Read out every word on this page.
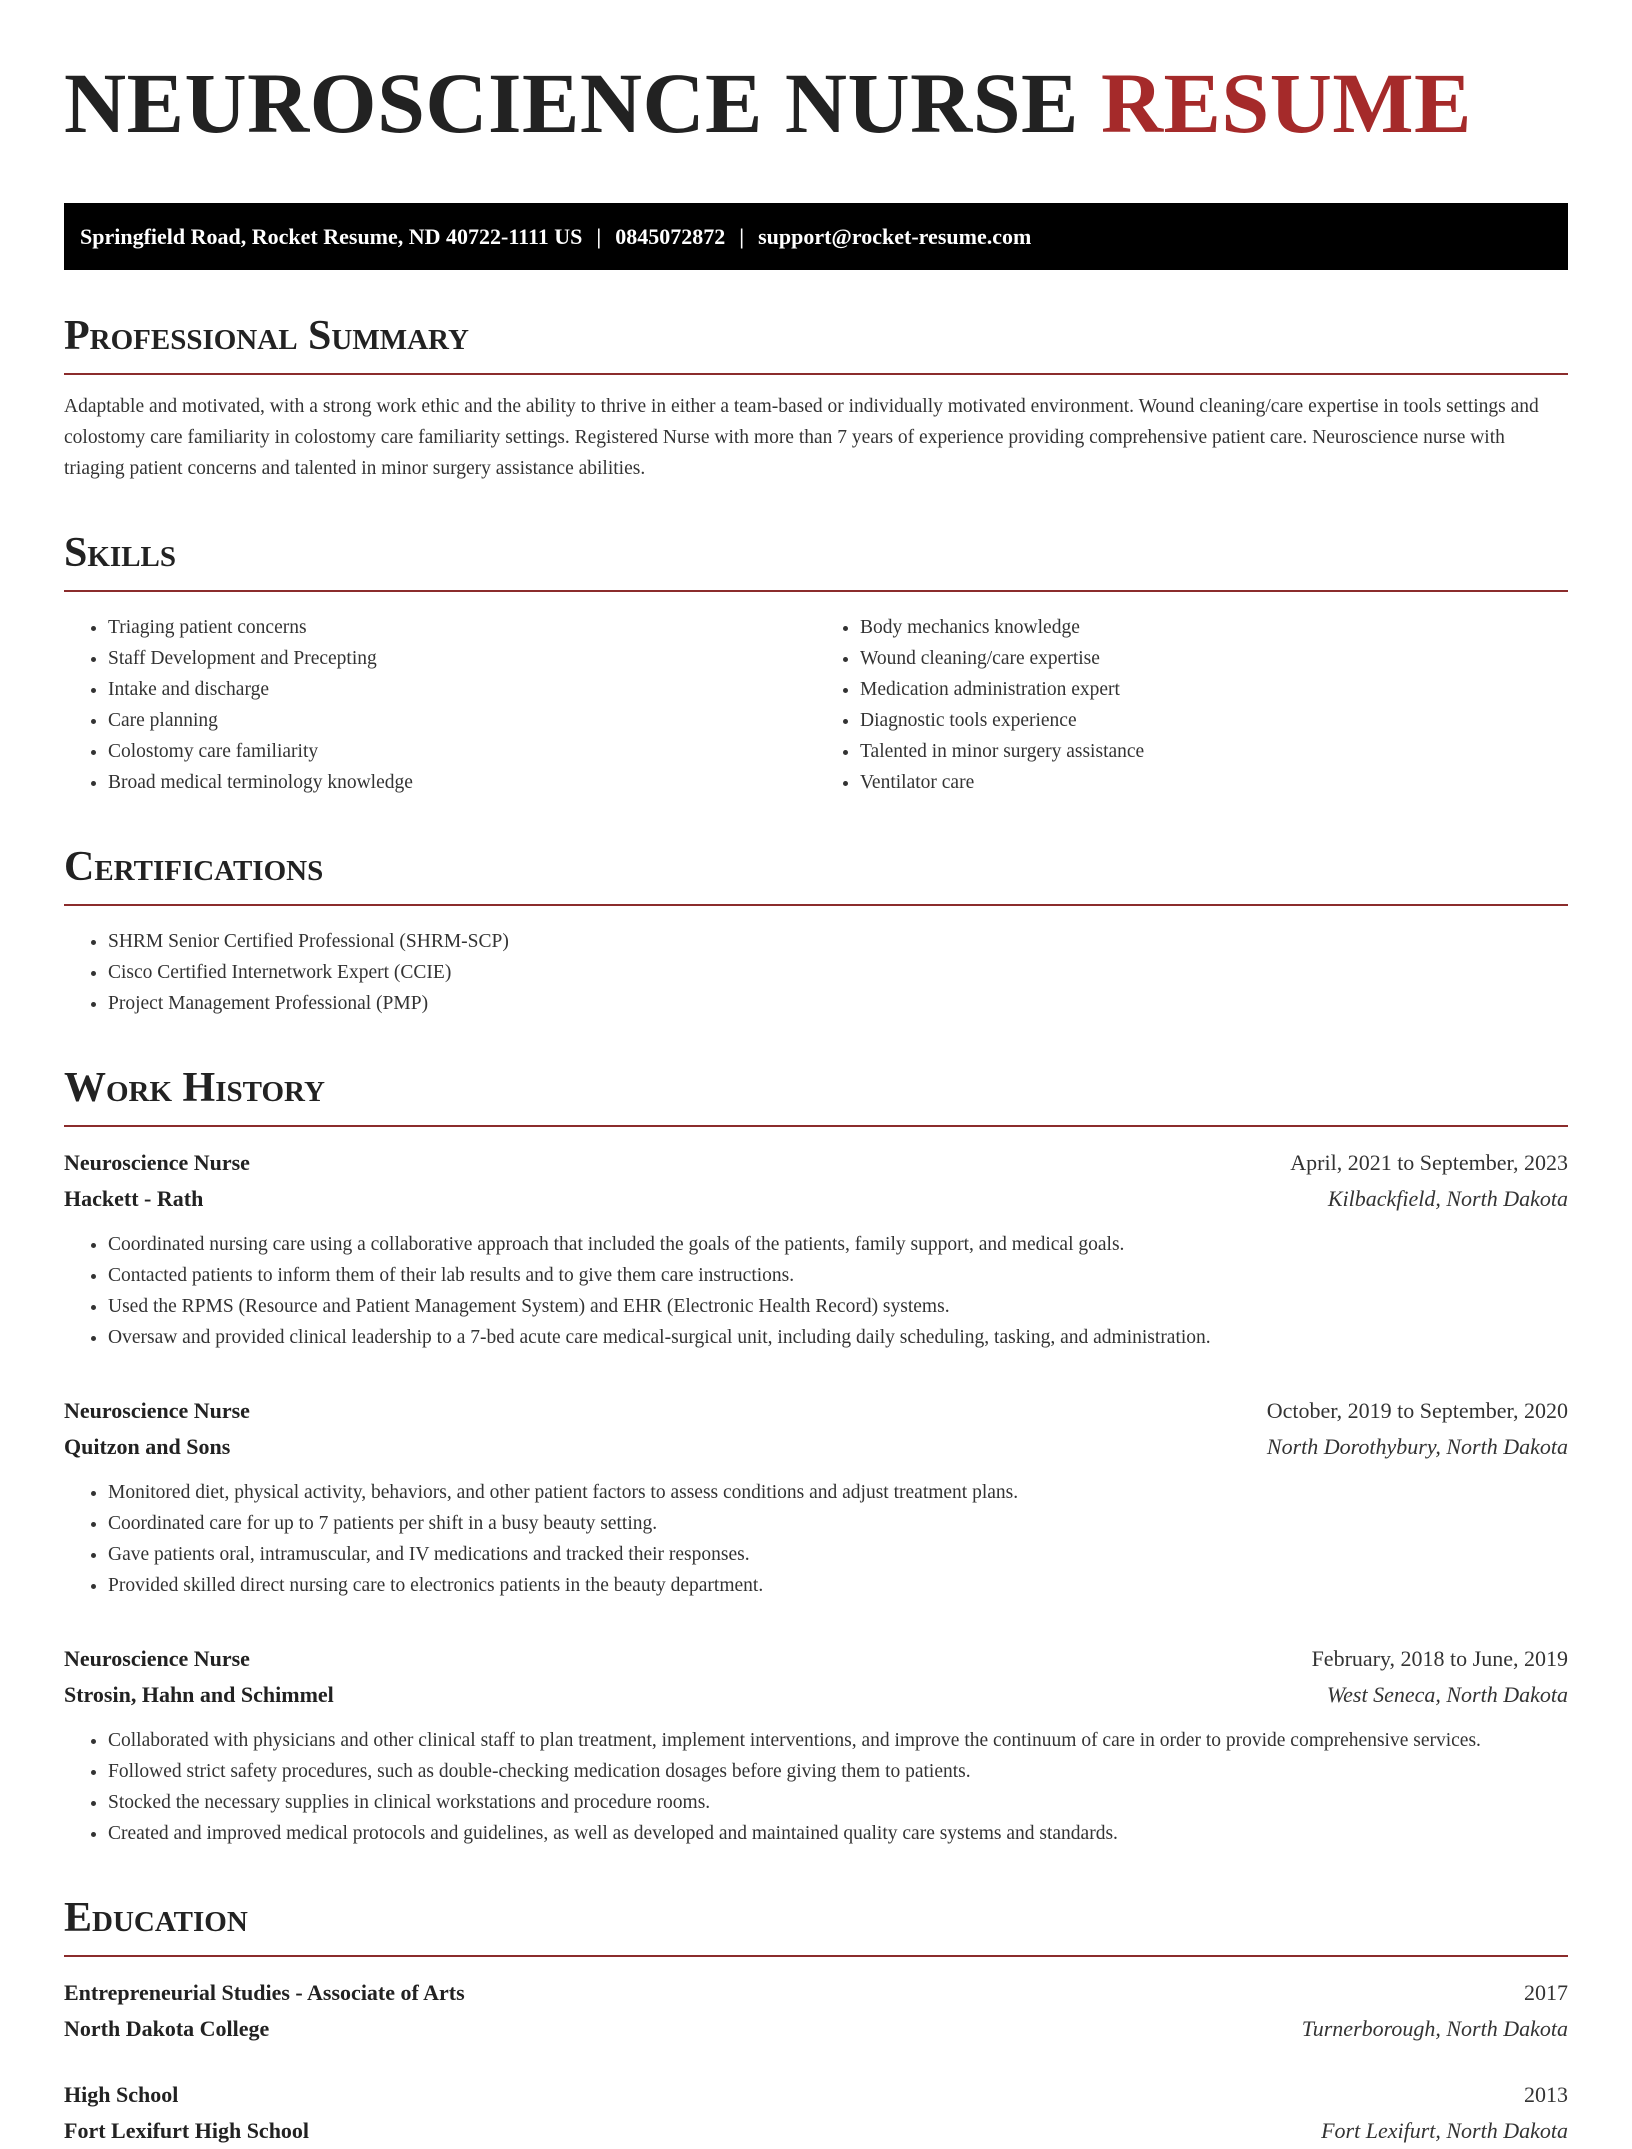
NEUROSCIENCE NURSE RESUME
Springfield Road, Rocket Resume, ND 40722-1111 US | 0845072872 | support@rocket-resume.com
Professional Summary

Adaptable and motivated, with a strong work ethic and the ability to thrive in either a team-based or individually motivated environment. Wound cleaning/care expertise in tools settings and colostomy care familiarity in colostomy care familiarity settings. Registered Nurse with more than 7 years of experience providing comprehensive patient care. Neuroscience nurse with triaging patient concerns and talented in minor surgery assistance abilities.

Skills
• Triaging patient concerns
• Staff Development and Precepting
• Intake and discharge
• Care planning
• Colostomy care familiarity
• Broad medical terminology knowledge
• Body mechanics knowledge
• Wound cleaning/care expertise
• Medication administration expert
• Diagnostic tools experience
• Talented in minor surgery assistance
• Ventilator care
Certifications
• SHRM Senior Certified Professional (SHRM-SCP)
• Cisco Certified Internetwork Expert (CCIE)
• Project Management Professional (PMP)
Work History
Neuroscience Nurse	April, 2021 to September, 2023
Hackett - Rath	Kilbackfield, North Dakota
• Coordinated nursing care using a collaborative approach that included the goals of the patients, family support, and medical goals.
• Contacted patients to inform them of their lab results and to give them care instructions.
• Used the RPMS (Resource and Patient Management System) and EHR (Electronic Health Record) systems.
• Oversaw and provided clinical leadership to a 7-bed acute care medical-surgical unit, including daily scheduling, tasking, and administration.
Neuroscience Nurse	October, 2019 to September, 2020
Quitzon and Sons	North Dorothybury, North Dakota
• Monitored diet, physical activity, behaviors, and other patient factors to assess conditions and adjust treatment plans.
• Coordinated care for up to 7 patients per shift in a busy beauty setting.
• Gave patients oral, intramuscular, and IV medications and tracked their responses.
• Provided skilled direct nursing care to electronics patients in the beauty department.
Neuroscience Nurse	February, 2018 to June, 2019
Strosin, Hahn and Schimmel	West Seneca, North Dakota
• Collaborated with physicians and other clinical staff to plan treatment, implement interventions, and improve the continuum of care in order to provide comprehensive services.
• Followed strict safety procedures, such as double-checking medication dosages before giving them to patients.
• Stocked the necessary supplies in clinical workstations and procedure rooms.
• Created and improved medical protocols and guidelines, as well as developed and maintained quality care systems and standards.
Education
Entrepreneurial Studies - Associate of Arts	2017
North Dakota College	Turnerborough, North Dakota
High School	2013
Fort Lexifurt High School	Fort Lexifurt, North Dakota
